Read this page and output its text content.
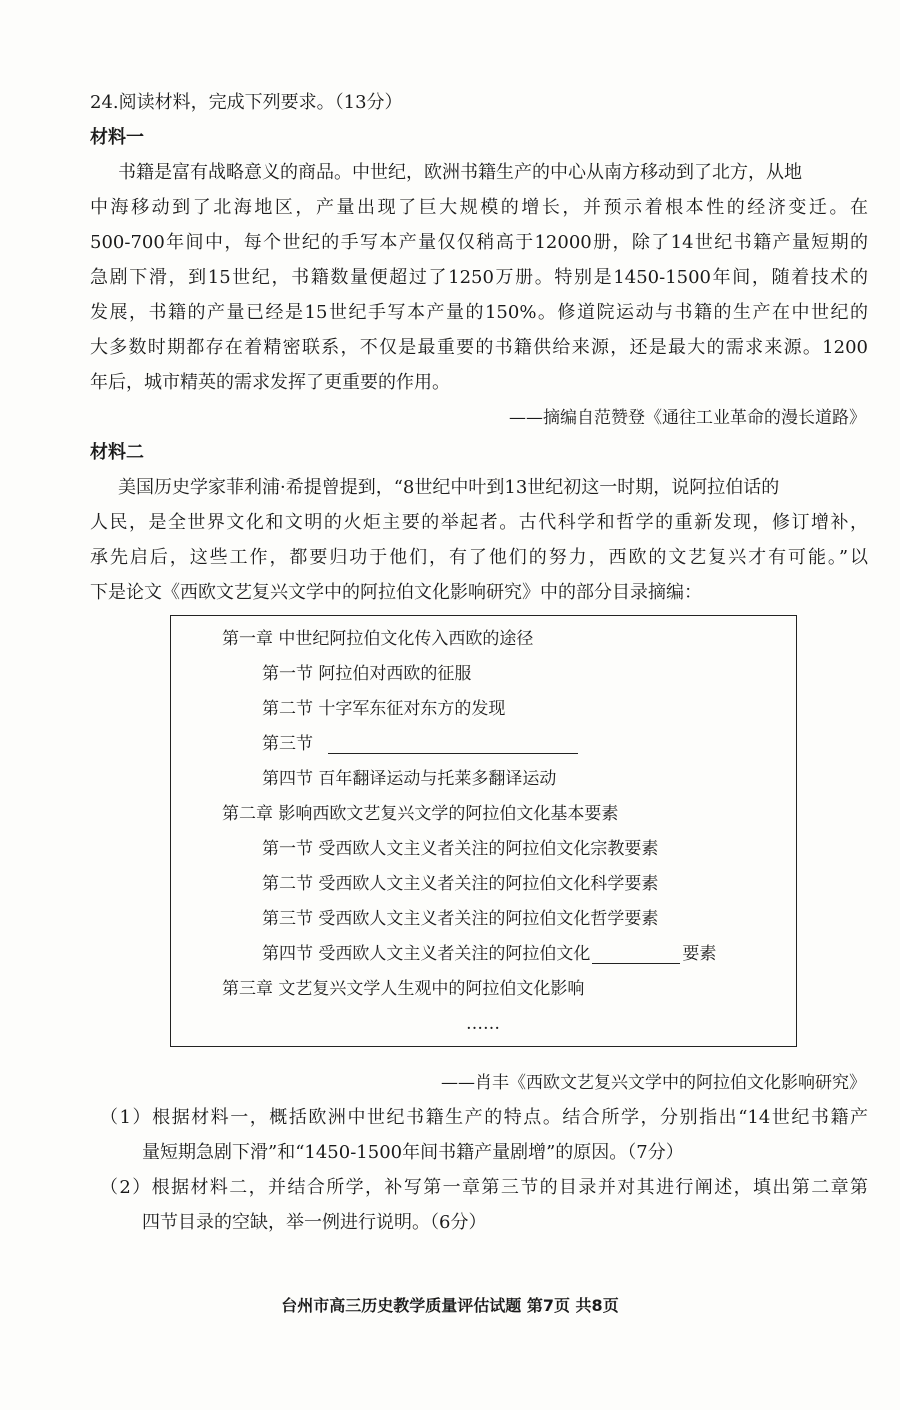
24.阅读材料，完成下列要求。（13分）
材料一
书籍是富有战略意义的商品。中世纪，欧洲书籍生产的中心从南方移动到了北方，从地
中海移动到了北海地区，产量出现了巨大规模的增长，并预示着根本性的经济变迁。在
500-700年间中，每个世纪的手写本产量仅仅稍高于12000册，除了14世纪书籍产量短期的
急剧下滑，到15世纪，书籍数量便超过了1250万册。特别是1450-1500年间，随着技术的
发展，书籍的产量已经是15世纪手写本产量的150%。修道院运动与书籍的生产在中世纪的
大多数时期都存在着精密联系，不仅是最重要的书籍供给来源，还是最大的需求来源。1200
年后，城市精英的需求发挥了更重要的作用。
——摘编自范赞登《通往工业革命的漫长道路》
材料二
美国历史学家菲利浦·希提曾提到，“8世纪中叶到13世纪初这一时期，说阿拉伯话的
人民，是全世界文化和文明的火炬主要的举起者。古代科学和哲学的重新发现，修订增补，
承先启后，这些工作，都要归功于他们，有了他们的努力，西欧的文艺复兴才有可能。”以
下是论文《西欧文艺复兴文学中的阿拉伯文化影响研究》中的部分目录摘编：
第一章 中世纪阿拉伯文化传入西欧的途径
第一节 阿拉伯对西欧的征服
第二节 十字军东征对东方的发现
第三节
第四节 百年翻译运动与托莱多翻译运动
第二章 影响西欧文艺复兴文学的阿拉伯文化基本要素
第一节 受西欧人文主义者关注的阿拉伯文化宗教要素
第二节 受西欧人文主义者关注的阿拉伯文化科学要素
第三节 受西欧人文主义者关注的阿拉伯文化哲学要素
第四节 受西欧人文主义者关注的阿拉伯文化	要素
第三章 文艺复兴文学人生观中的阿拉伯文化影响
……
——肖丰《西欧文艺复兴文学中的阿拉伯文化影响研究》
（1）根据材料一，概括欧洲中世纪书籍生产的特点。结合所学，分别指出“14世纪书籍产
量短期急剧下滑”和“1450-1500年间书籍产量剧增”的原因。（7分）
（2）根据材料二，并结合所学，补写第一章第三节的目录并对其进行阐述，填出第二章第
四节目录的空缺，举一例进行说明。（6分）
台州市高三历史教学质量评估试题 第7页 共8页
